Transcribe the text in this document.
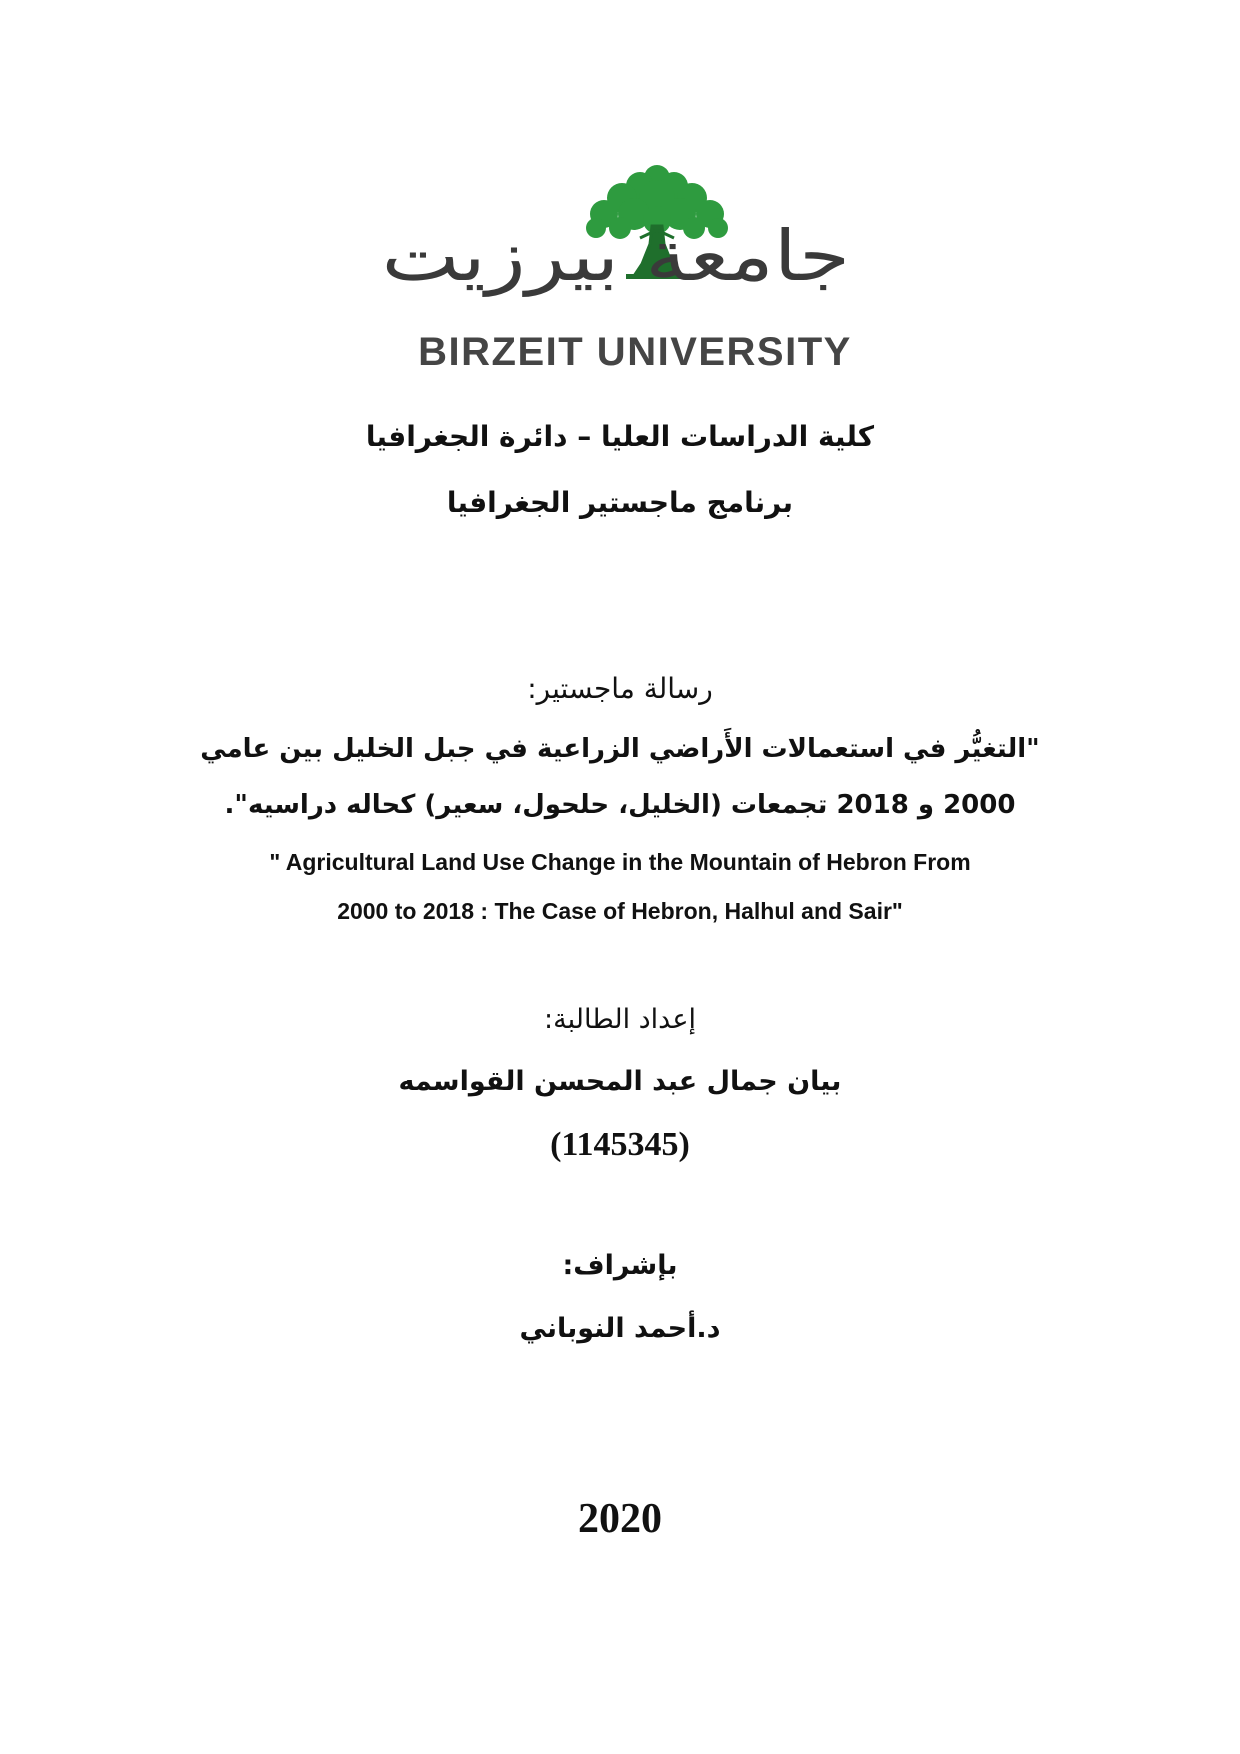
جامعة بيرزيت
BIRZEIT UNIVERSITY
كلية الدراسات العليا – دائرة الجغرافيا
برنامج ماجستير الجغرافيا
رسالة ماجستير:
"التغيُّر في استعمالات الأَراضي الزراعية في جبل الخليل بين عامي
2000 و 2018 تجمعات (الخليل، حلحول، سعير) كحاله دراسيه".
" Agricultural Land Use Change in the Mountain of Hebron From
2000 to 2018 : The Case of Hebron, Halhul and Sair"
إعداد الطالبة:
بيان جمال عبد المحسن القواسمه
(1145345)
بإشراف:
د.أحمد النوباني
2020
